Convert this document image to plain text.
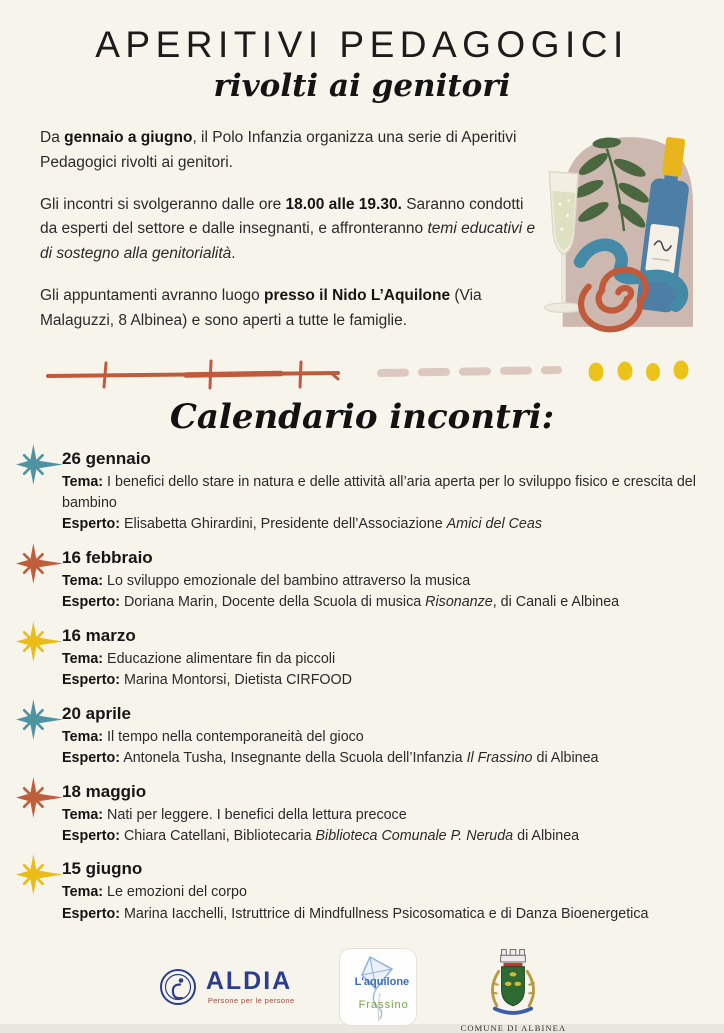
APERITIVI PEDAGOGICI
rivolti ai genitori

Da gennaio a giugno, il Polo Infanzia organizza una serie di Aperitivi Pedagogici rivolti ai genitori.

Gli incontri si svolgeranno dalle ore 18.00 alle 19.30. Saranno condotti da esperti del settore e dalle insegnanti, e affronteranno temi educativi e di sostegno alla genitorialità.

Gli appuntamenti avranno luogo presso il Nido L’Aquilone (Via Malaguzzi, 8 Albinea) e sono aperti a tutte le famiglie.

Calendario incontri:
26 gennaio
Tema: I benefici dello stare in natura e delle attività all’aria aperta per lo sviluppo fisico e crescita del bambino
Esperto: Elisabetta Ghirardini, Presidente dell’Associazione Amici del Ceas
16 febbraio
Tema: Lo sviluppo emozionale del bambino attraverso la musica
Esperto: Doriana Marin, Docente della Scuola di musica Risonanze, di Canali e Albinea
16 marzo
Tema: Educazione alimentare fin da piccoli
Esperto: Marina Montorsi, Dietista CIRFOOD
20 aprile
Tema: Il tempo nella contemporaneità del gioco
Esperto: Antonela Tusha, Insegnante della Scuola dell’Infanzia Il Frassino di Albinea
18 maggio
Tema: Nati per leggere. I benefici della lettura precoce
Esperto: Chiara Catellani, Bibliotecaria Biblioteca Comunale P. Neruda di Albinea
15 giugno
Tema: Le emozioni del corpo
Esperto: Marina Iacchelli, Istruttrice di Mindfullness Psicosomatica e di Danza Bioenergetica
ALDIA
Persone per le persone
L'aquilone
Frassino
COMUNE DI ALBINEA
